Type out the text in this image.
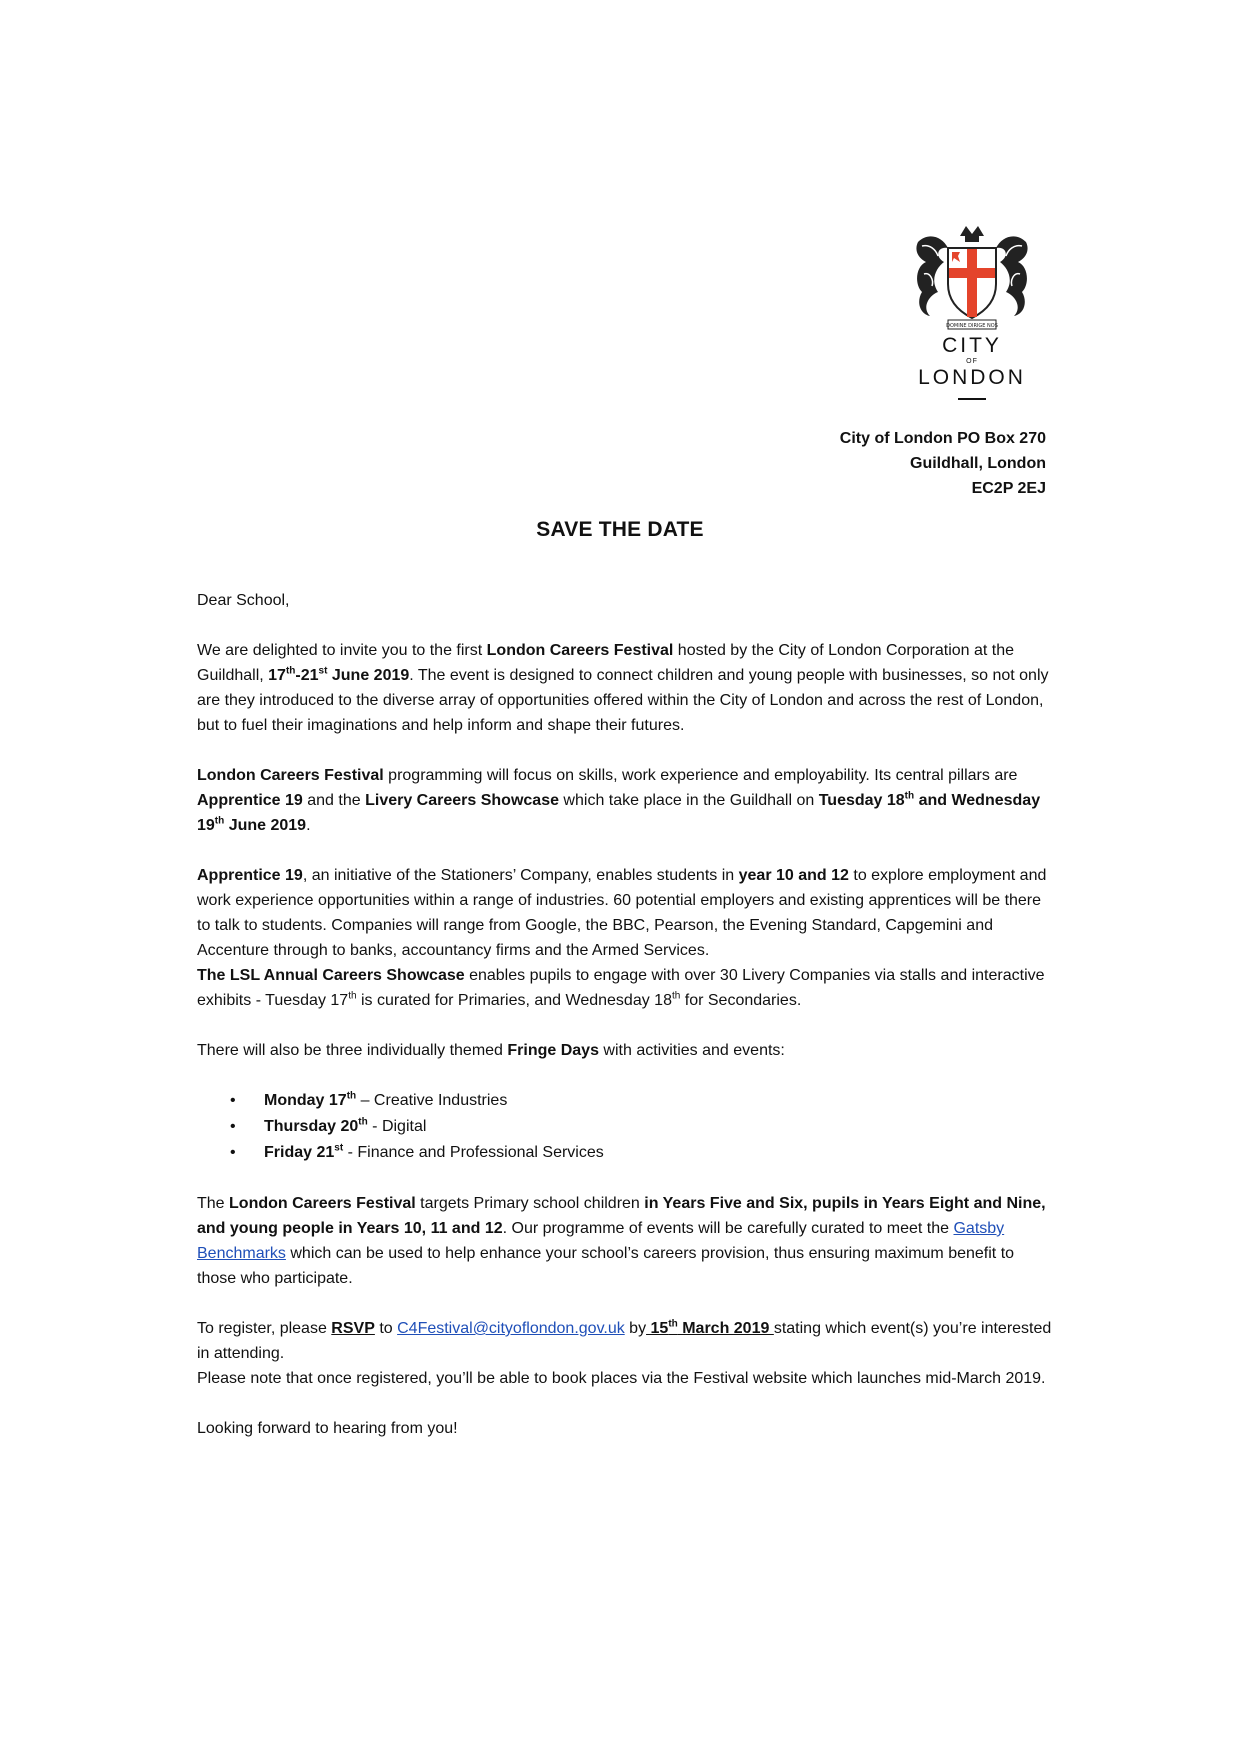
DOMINE DIRIGE NOS
CITY
OF
LONDON
City of London PO Box 270
Guildhall, London
EC2P 2EJ
SAVE THE DATE

Dear School,

We are delighted to invite you to the first London Careers Festival hosted by the City of London Corporation at the Guildhall, 17th-21st June 2019. The event is designed to connect children and young people with businesses, so not only are they introduced to the diverse array of opportunities offered within the City of London and across the rest of London, but to fuel their imaginations and help inform and shape their futures.

London Careers Festival programming will focus on skills, work experience and employability. Its central pillars are Apprentice 19 and the Livery Careers Showcase which take place in the Guildhall on Tuesday 18th and Wednesday 19th June 2019.

Apprentice 19, an initiative of the Stationers’ Company, enables students in year 10 and 12 to explore employment and work experience opportunities within a range of industries. 60 potential employers and existing apprentices will be there to talk to students. Companies will range from Google, the BBC, Pearson, the Evening Standard, Capgemini and Accenture through to banks, accountancy firms and the Armed Services.

The LSL Annual Careers Showcase enables pupils to engage with over 30 Livery Companies via stalls and interactive exhibits - Tuesday 17th is curated for Primaries, and Wednesday 18th for Secondaries.

There will also be three individually themed Fringe Days with activities and events:

• Monday 17th – Creative Industries
• Thursday 20th - Digital
• Friday 21st - Finance and Professional Services

The London Careers Festival targets Primary school children in Years Five and Six, pupils in Years Eight and Nine, and young people in Years 10, 11 and 12. Our programme of events will be carefully curated to meet the Gatsby Benchmarks which can be used to help enhance your school’s careers provision, thus ensuring maximum benefit to those who participate.

To register, please RSVP to C4Festival@cityoflondon.gov.uk by 15th March 2019 stating which event(s) you’re interested in attending.

Please note that once registered, you’ll be able to book places via the Festival website which launches mid-March 2019.

Looking forward to hearing from you!
